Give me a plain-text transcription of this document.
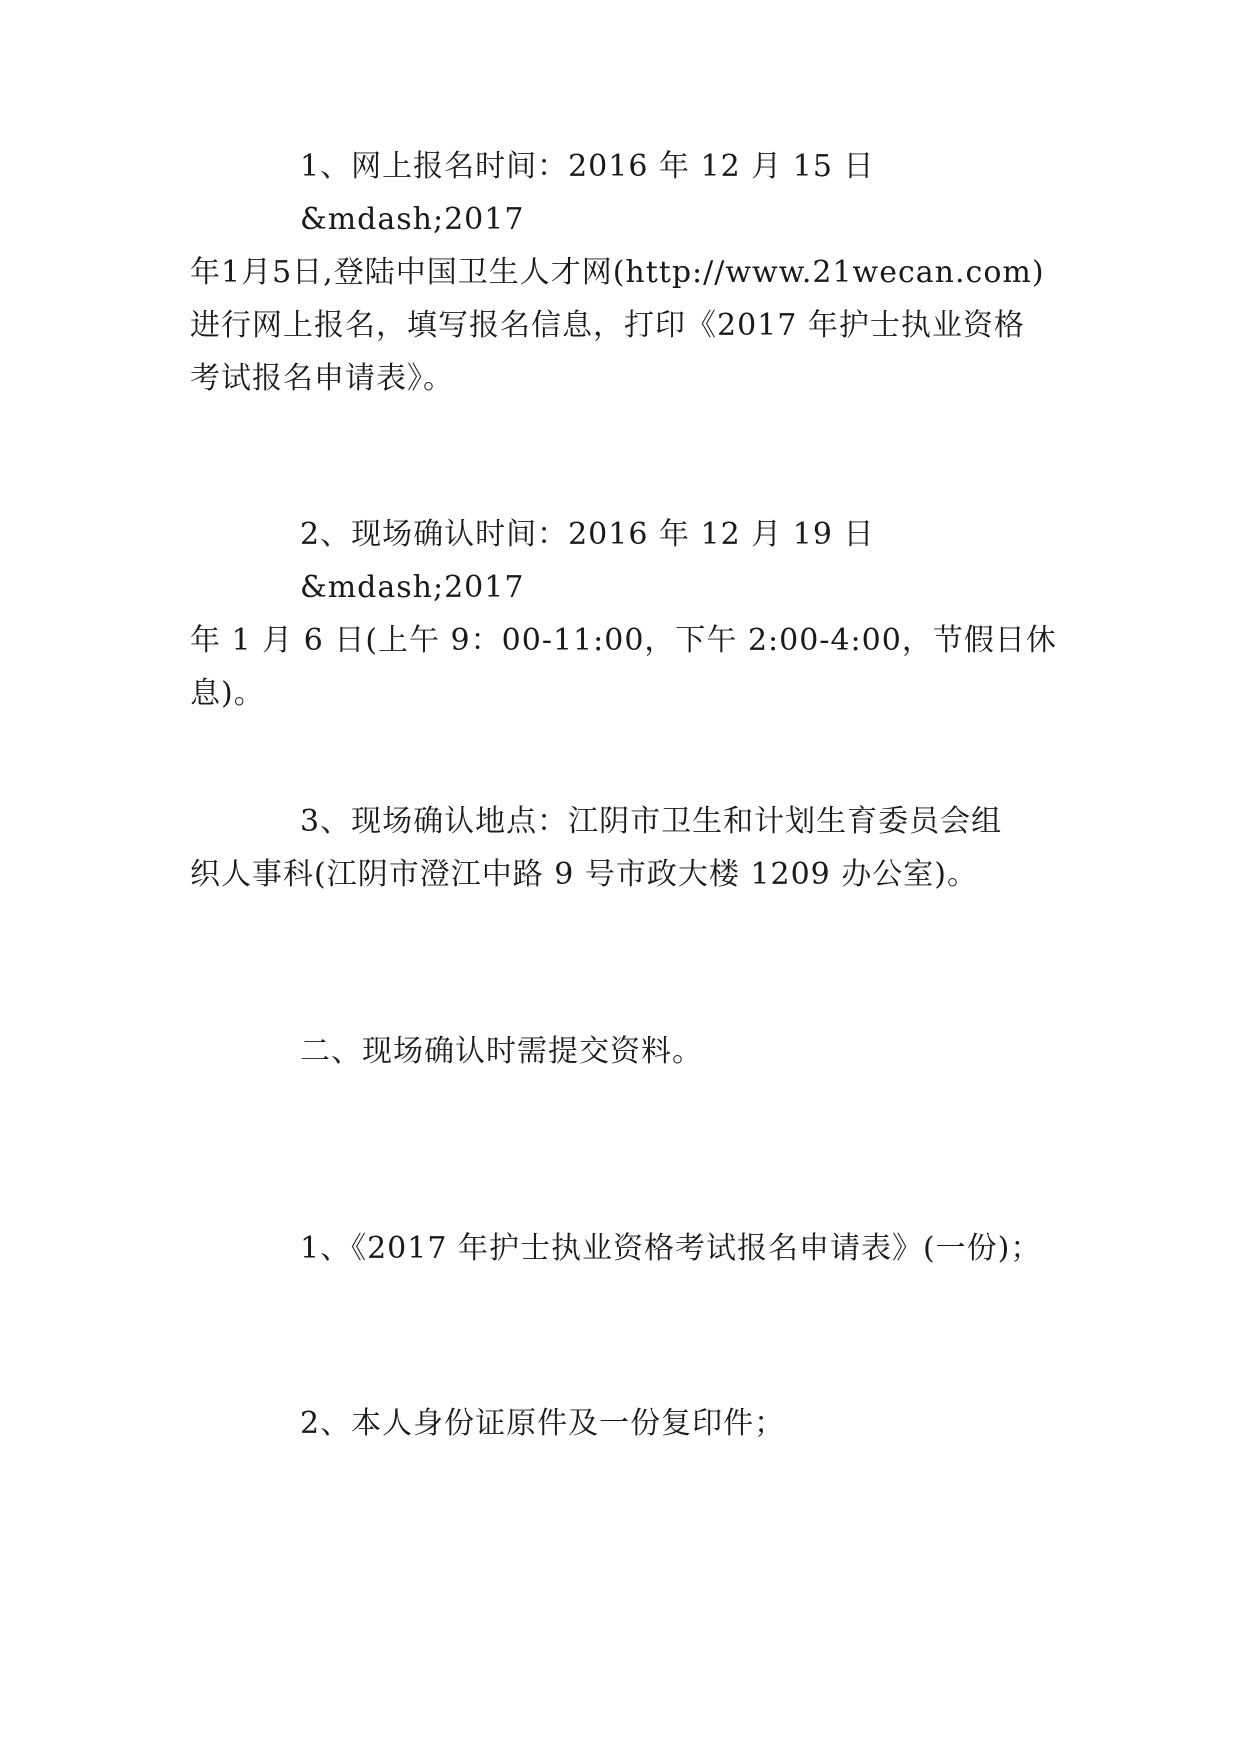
1、网上报名时间：2016 年 12 月 15 日&mdash;2017
年1月5日,登陆中国卫生人才网(http://www.21wecan.com)
进行网上报名，填写报名信息，打印《2017 年护士执业资格
考试报名申请表》。
2、现场确认时间：2016 年 12 月 19 日&mdash;2017
年 1 月 6 日(上午 9：00-11:00，下午 2:00-4:00，节假日休
息)。
3、现场确认地点：江阴市卫生和计划生育委员会组
织人事科(江阴市澄江中路 9 号市政大楼 1209 办公室)。
二、现场确认时需提交资料。
1、《2017 年护士执业资格考试报名申请表》(一份)；
2、本人身份证原件及一份复印件；
